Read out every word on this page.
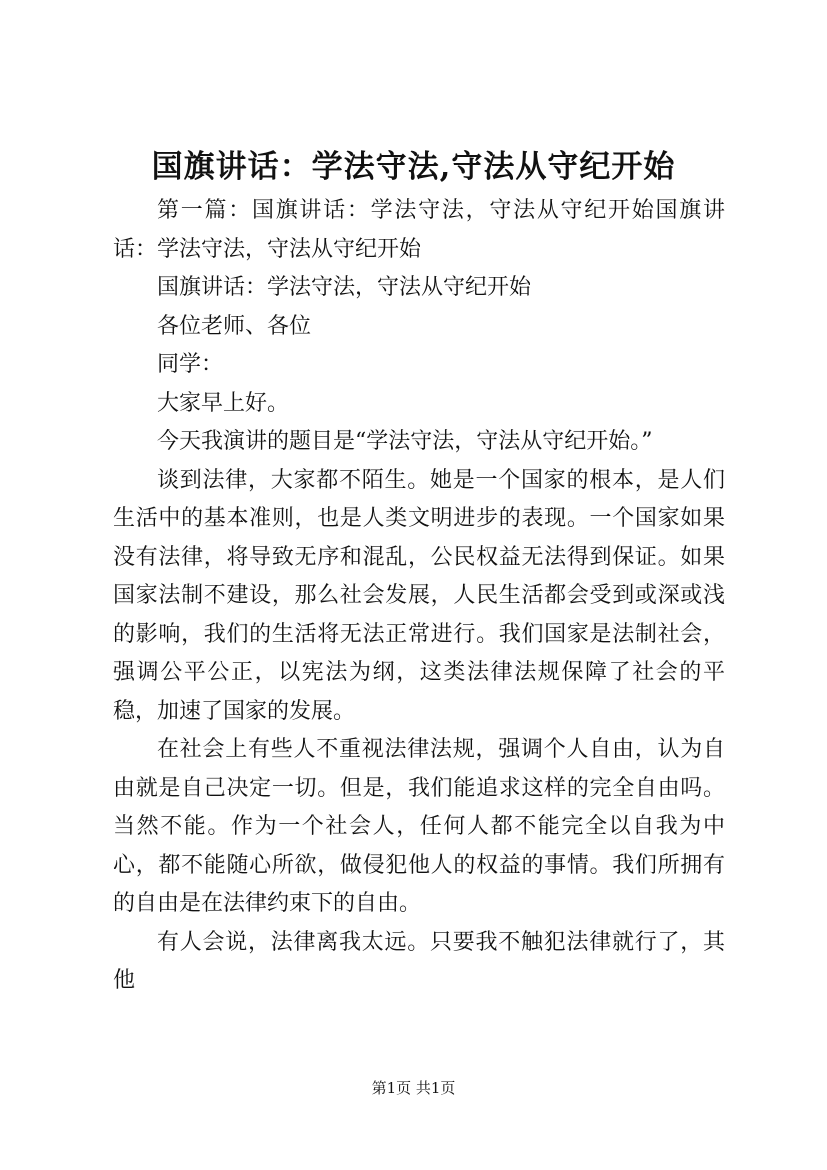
国旗讲话：学法守法,守法从守纪开始

第一篇：国旗讲话：学法守法，守法从守纪开始国旗讲话：学法守法，守法从守纪开始

国旗讲话：学法守法，守法从守纪开始

各位老师、各位

同学：

大家早上好。

今天我演讲的题目是“学法守法，守法从守纪开始。”

谈到法律，大家都不陌生。她是一个国家的根本，是人们生活中的基本准则，也是人类文明进步的表现。一个国家如果没有法律，将导致无序和混乱，公民权益无法得到保证。如果国家法制不建设，那么社会发展，人民生活都会受到或深或浅的影响，我们的生活将无法正常进行。我们国家是法制社会，强调公平公正，以宪法为纲，这类法律法规保障了社会的平稳，加速了国家的发展。

在社会上有些人不重视法律法规，强调个人自由，认为自由就是自己决定一切。但是，我们能追求这样的完全自由吗。当然不能。作为一个社会人，任何人都不能完全以自我为中心，都不能随心所欲，做侵犯他人的权益的事情。我们所拥有的自由是在法律约束下的自由。

有人会说，法律离我太远。只要我不触犯法律就行了，其他

第1页 共1页
